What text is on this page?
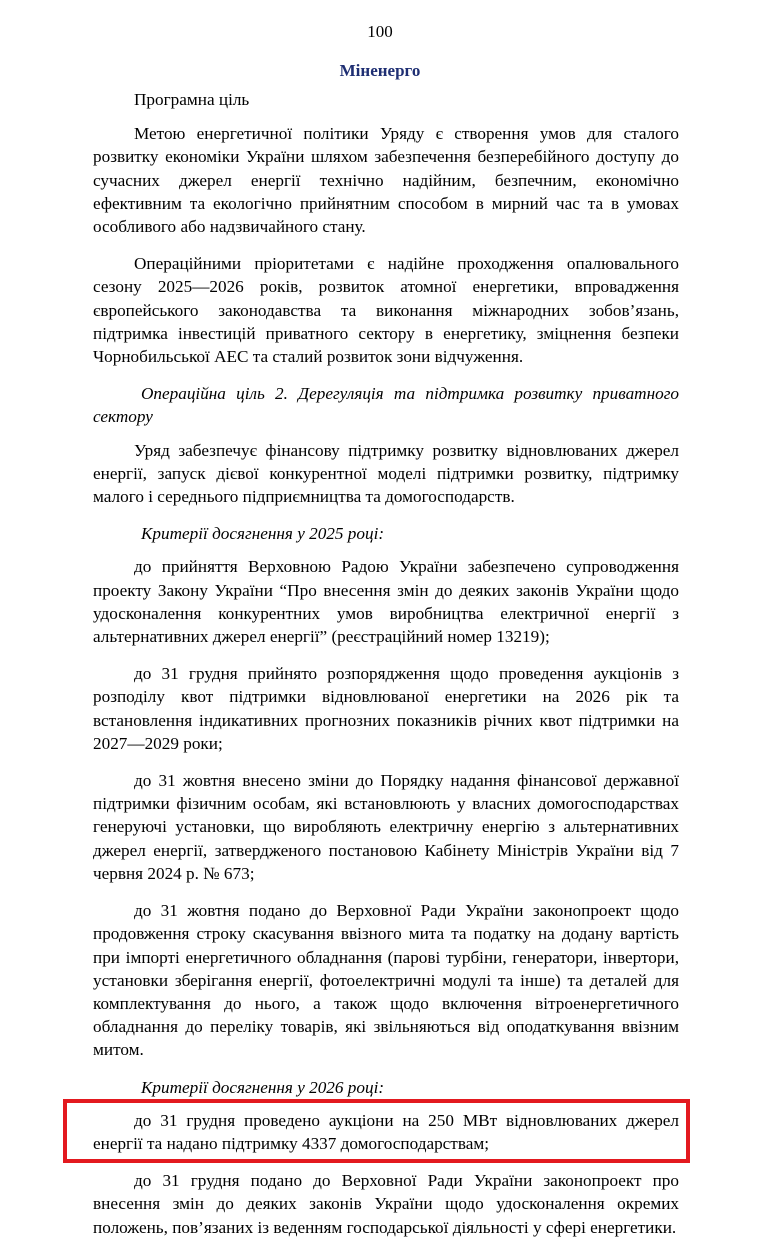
100
Міненерго

Програмна ціль

Метою енергетичної політики Уряду є створення умов для сталого розвитку економіки України шляхом забезпечення безперебійного доступу до сучасних джерел енергії технічно надійним, безпечним, економічно ефективним та екологічно прийнятним способом в мирний час та в умовах особливого або надзвичайного стану.

Операційними пріоритетами є надійне проходження опалювального сезону 2025—2026 років, розвиток атомної енергетики, впровадження європейського законодавства та виконання міжнародних зобов’язань, підтримка інвестицій приватного сектору в енергетику, зміцнення безпеки Чорнобильської АЕС та сталий розвиток зони відчуження.

Операційна ціль 2. Дерегуляція та підтримка розвитку приватного сектору

Уряд забезпечує фінансову підтримку розвитку відновлюваних джерел енергії, запуск дієвої конкурентної моделі підтримки розвитку, підтримку малого і середнього підприємництва та домогосподарств.

Критерії досягнення у 2025 році:

до прийняття Верховною Радою України забезпечено супроводження проекту Закону України “Про внесення змін до деяких законів України щодо удосконалення конкурентних умов виробництва електричної енергії з альтернативних джерел енергії” (реєстраційний номер 13219);

до 31 грудня прийнято розпорядження щодо проведення аукціонів з розподілу квот підтримки відновлюваної енергетики на 2026 рік та встановлення індикативних прогнозних показників річних квот підтримки на 2027—2029 роки;

до 31 жовтня внесено зміни до Порядку надання фінансової державної підтримки фізичним особам, які встановлюють у власних домогосподарствах генеруючі установки, що виробляють електричну енергію з альтернативних джерел енергії, затвердженого постановою Кабінету Міністрів України від 7 червня 2024 р. № 673;

до 31 жовтня подано до Верховної Ради України законопроект щодо продовження строку скасування ввізного мита та податку на додану вартість при імпорті енергетичного обладнання (парові турбіни, генератори, інвертори, установки зберігання енергії, фотоелектричні модулі та інше) та деталей для комплектування до нього, а також щодо включення вітроенергетичного обладнання до переліку товарів, які звільняються від оподаткування ввізним митом.

Критерії досягнення у 2026 році:

до 31 грудня проведено аукціони на 250 МВт відновлюваних джерел енергії та надано підтримку 4337 домогосподарствам;

до 31 грудня подано до Верховної Ради України законопроект про внесення змін до деяких законів України щодо удосконалення окремих положень, пов’язаних із веденням господарської діяльності у сфері енергетики.
